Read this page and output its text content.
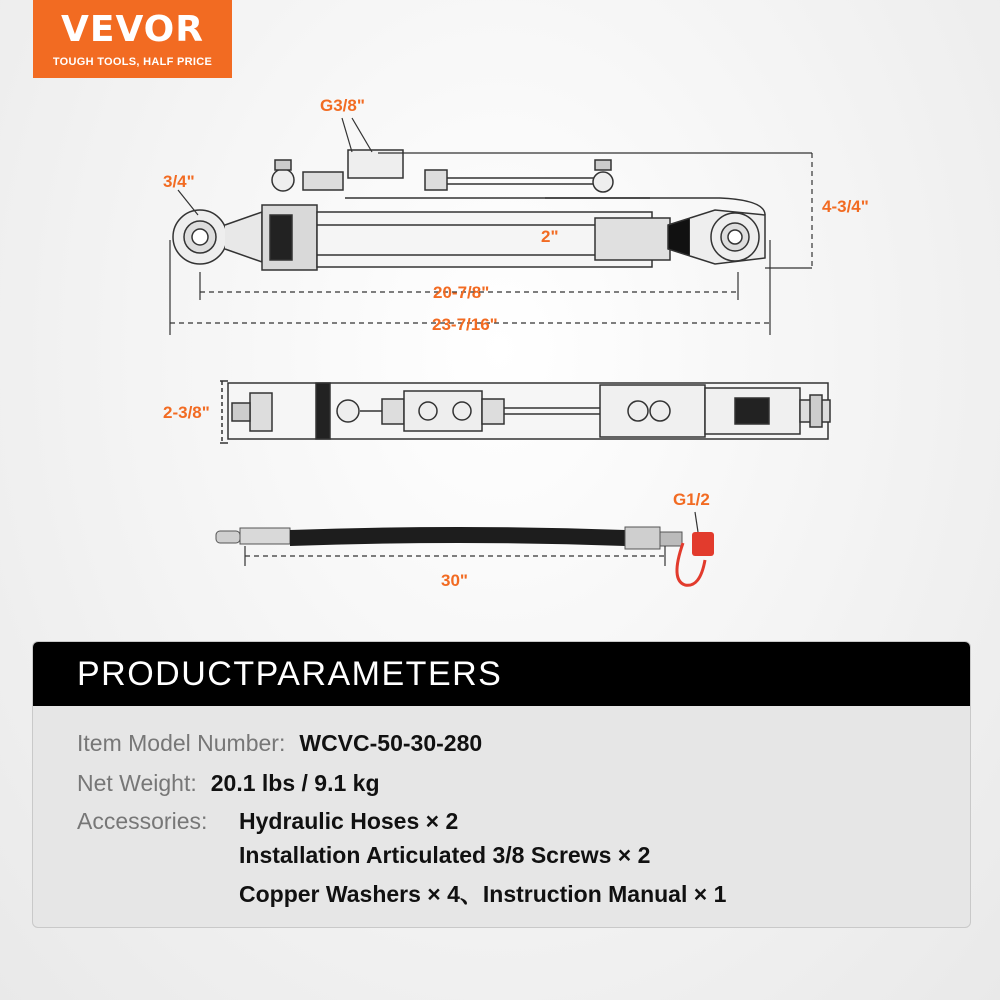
VEVOR
TOUGH TOOLS, HALF PRICE
G3/8"
3/4"
2"
4-3/4"
20-7/8"
23-7/16"
2-3/8"
G1/2
30"
PRODUCTPARAMETERS
Item Model Number: WCVC-50-30-280
Net Weight: 20.1 lbs / 9.1 kg
Accessories: Hydraulic Hoses × 2
Installation Articulated 3/8 Screws × 2
Copper Washers × 4、Instruction Manual × 1
